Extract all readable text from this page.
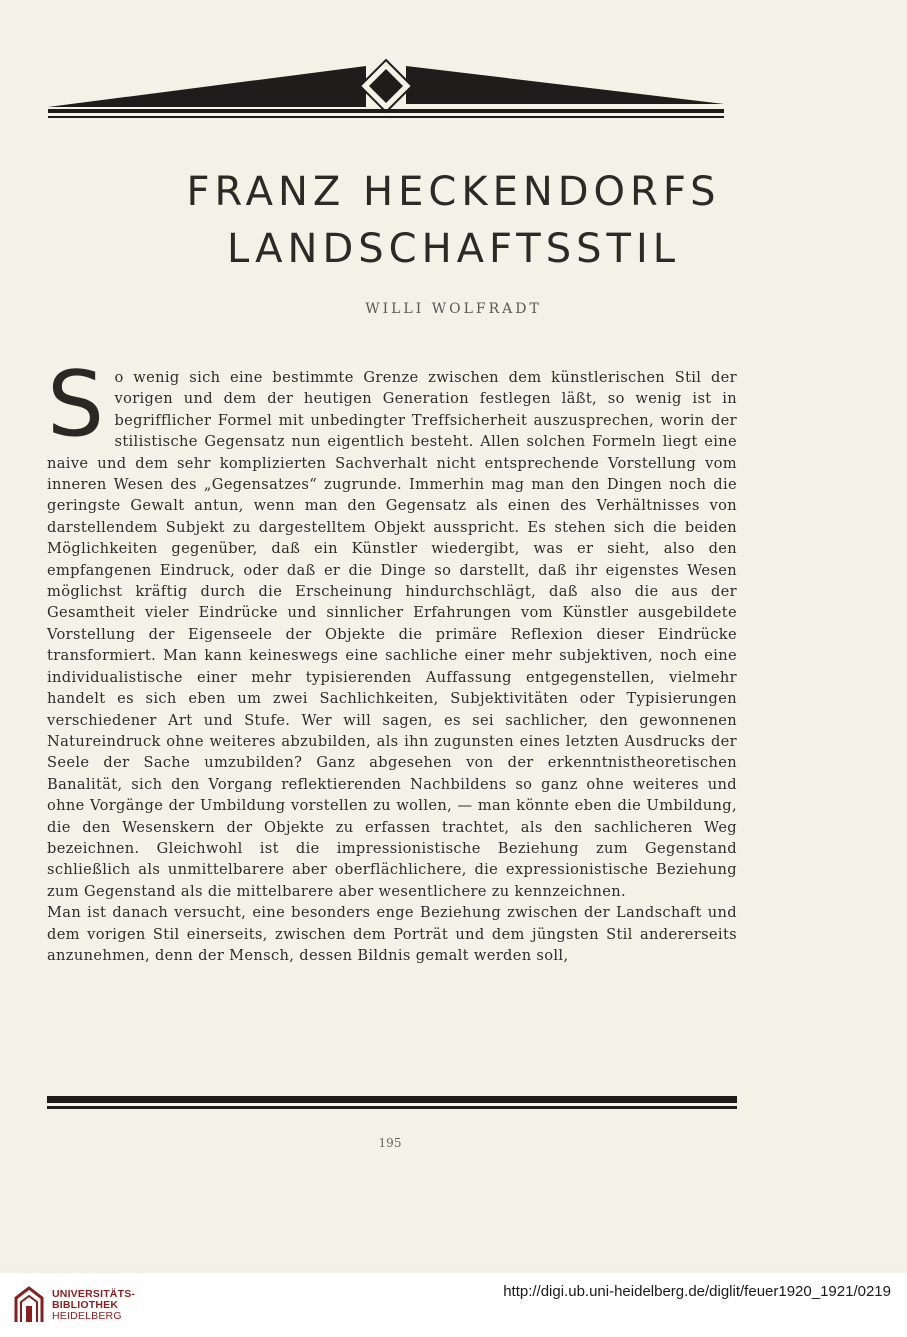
FRANZ HECKENDORFS
LANDSCHAFTSSTIL
WILLI WOLFRADT

So wenig sich eine bestimmte Grenze zwischen dem künstlerischen Stil der vorigen und dem der heutigen Generation festlegen läßt, so wenig ist in begrifflicher Formel mit unbedingter Treffsicherheit auszusprechen, worin der stilistische Gegensatz nun eigentlich besteht. Allen solchen Formeln liegt eine naive und dem sehr komplizierten Sachverhalt nicht entsprechende Vorstellung vom inneren Wesen des „Gegensatzes“ zugrunde. Immerhin mag man den Dingen noch die geringste Gewalt antun, wenn man den Gegensatz als einen des Verhältnisses von darstellendem Subjekt zu dargestelltem Objekt ausspricht. Es stehen sich die beiden Möglichkeiten gegenüber, daß ein Künstler wiedergibt, was er sieht, also den empfangenen Eindruck, oder daß er die Dinge so darstellt, daß ihr eigenstes Wesen möglichst kräftig durch die Erscheinung hindurchschlägt, daß also die aus der Gesamtheit vieler Eindrücke und sinnlicher Erfahrungen vom Künstler ausgebildete Vorstellung der Eigenseele der Objekte die primäre Reflexion dieser Eindrücke transformiert. Man kann keineswegs eine sachliche einer mehr subjektiven, noch eine individualistische einer mehr typisierenden Auffassung entgegenstellen, vielmehr handelt es sich eben um zwei Sachlichkeiten, Subjektivitäten oder Typisierungen verschiedener Art und Stufe. Wer will sagen, es sei sachlicher, den gewonnenen Natureindruck ohne weiteres abzubilden, als ihn zugunsten eines letzten Ausdrucks der Seele der Sache umzubilden? Ganz abgesehen von der erkenntnistheoretischen Banalität, sich den Vorgang reflektierenden Nachbildens so ganz ohne weiteres und ohne Vorgänge der Umbildung vorstellen zu wollen, — man könnte eben die Umbildung, die den Wesenskern der Objekte zu erfassen trachtet, als den sachlicheren Weg bezeichnen. Gleichwohl ist die impressionistische Beziehung zum Gegenstand schließlich als unmittelbarere aber oberflächlichere, die expressionistische Beziehung zum Gegenstand als die mittelbarere aber wesentlichere zu kennzeichnen.

Man ist danach versucht, eine besonders enge Beziehung zwischen der Landschaft und dem vorigen Stil einerseits, zwischen dem Porträt und dem jüngsten Stil andererseits anzunehmen, denn der Mensch, dessen Bildnis gemalt werden soll,

195
UNIVERSITÄTS-
BIBLIOTHEK
HEIDELBERG
http://digi.ub.uni-heidelberg.de/diglit/feuer1920_1921/0219
